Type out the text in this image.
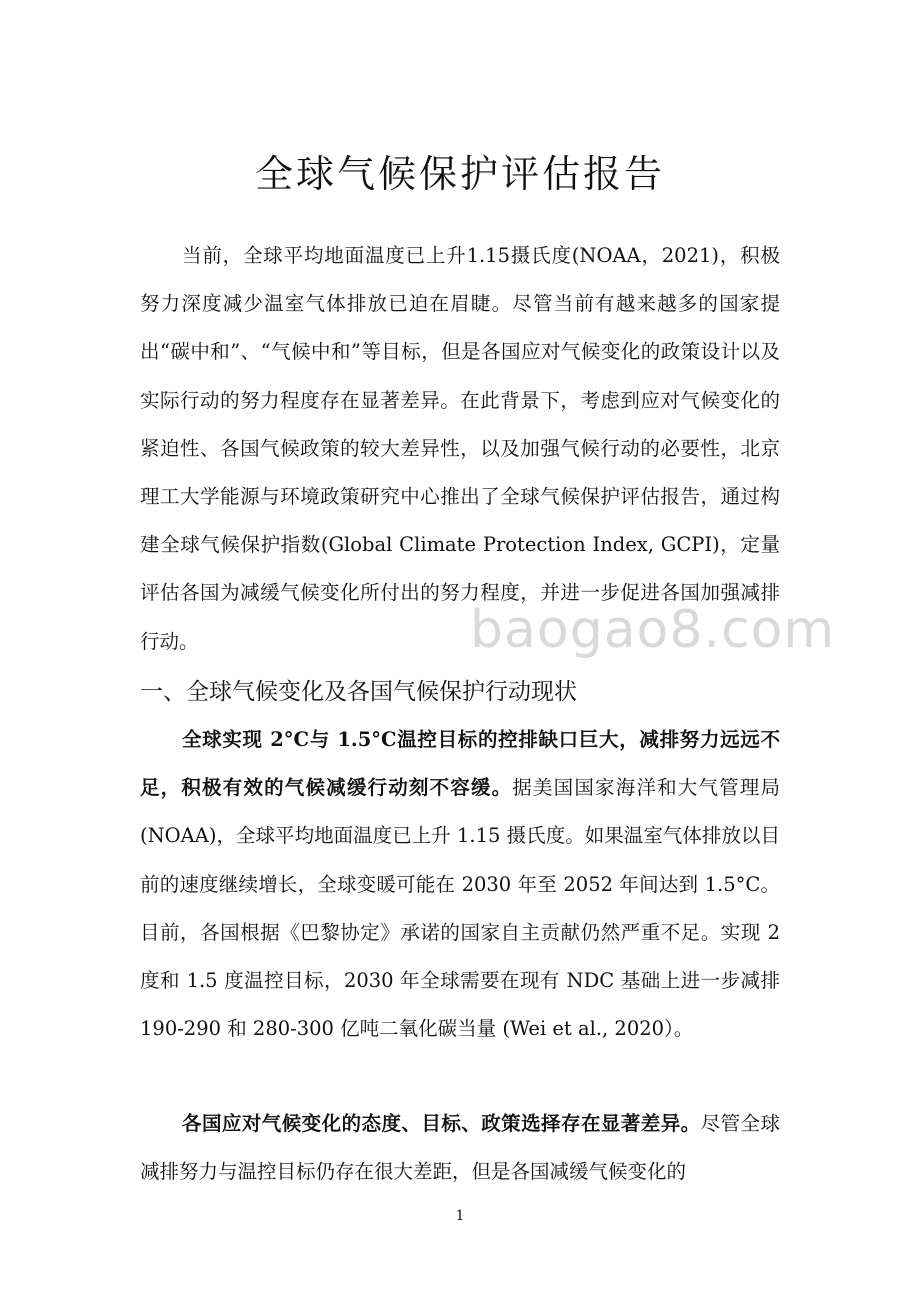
全球气候保护评估报告

当前，全球平均地面温度已上升1.15摄氏度(NOAA，2021)，积极努力深度减少温室气体排放已迫在眉睫。尽管当前有越来越多的国家提出“碳中和”、“气候中和”等目标，但是各国应对气候变化的政策设计以及实际行动的努力程度存在显著差异。在此背景下，考虑到应对气候变化的紧迫性、各国气候政策的较大差异性，以及加强气候行动的必要性，北京理工大学能源与环境政策研究中心推出了全球气候保护评估报告，通过构建全球气候保护指数(Global Climate Protection Index, GCPI)，定量评估各国为减缓气候变化所付出的努力程度，并进一步促进各国加强减排行动。	baogao8.com
一、全球气候变化及各国气候保护行动现状

全球实现 2°C与 1.5°C温控目标的控排缺口巨大，减排努力远远不足，积极有效的气候减缓行动刻不容缓。据美国国家海洋和大气管理局(NOAA)，全球平均地面温度已上升 1.15 摄氏度。如果温室气体排放以目前的速度继续增长，全球变暖可能在 2030 年至 2052 年间达到 1.5°C。目前，各国根据《巴黎协定》承诺的国家自主贡献仍然严重不足。实现 2 度和 1.5 度温控目标，2030 年全球需要在现有 NDC 基础上进一步减排 190-290 和 280-300 亿吨二氧化碳当量 (Wei et al., 2020）。

各国应对气候变化的态度、目标、政策选择存在显著差异。尽管全球减排努力与温控目标仍存在很大差距，但是各国减缓气候变化的

1
